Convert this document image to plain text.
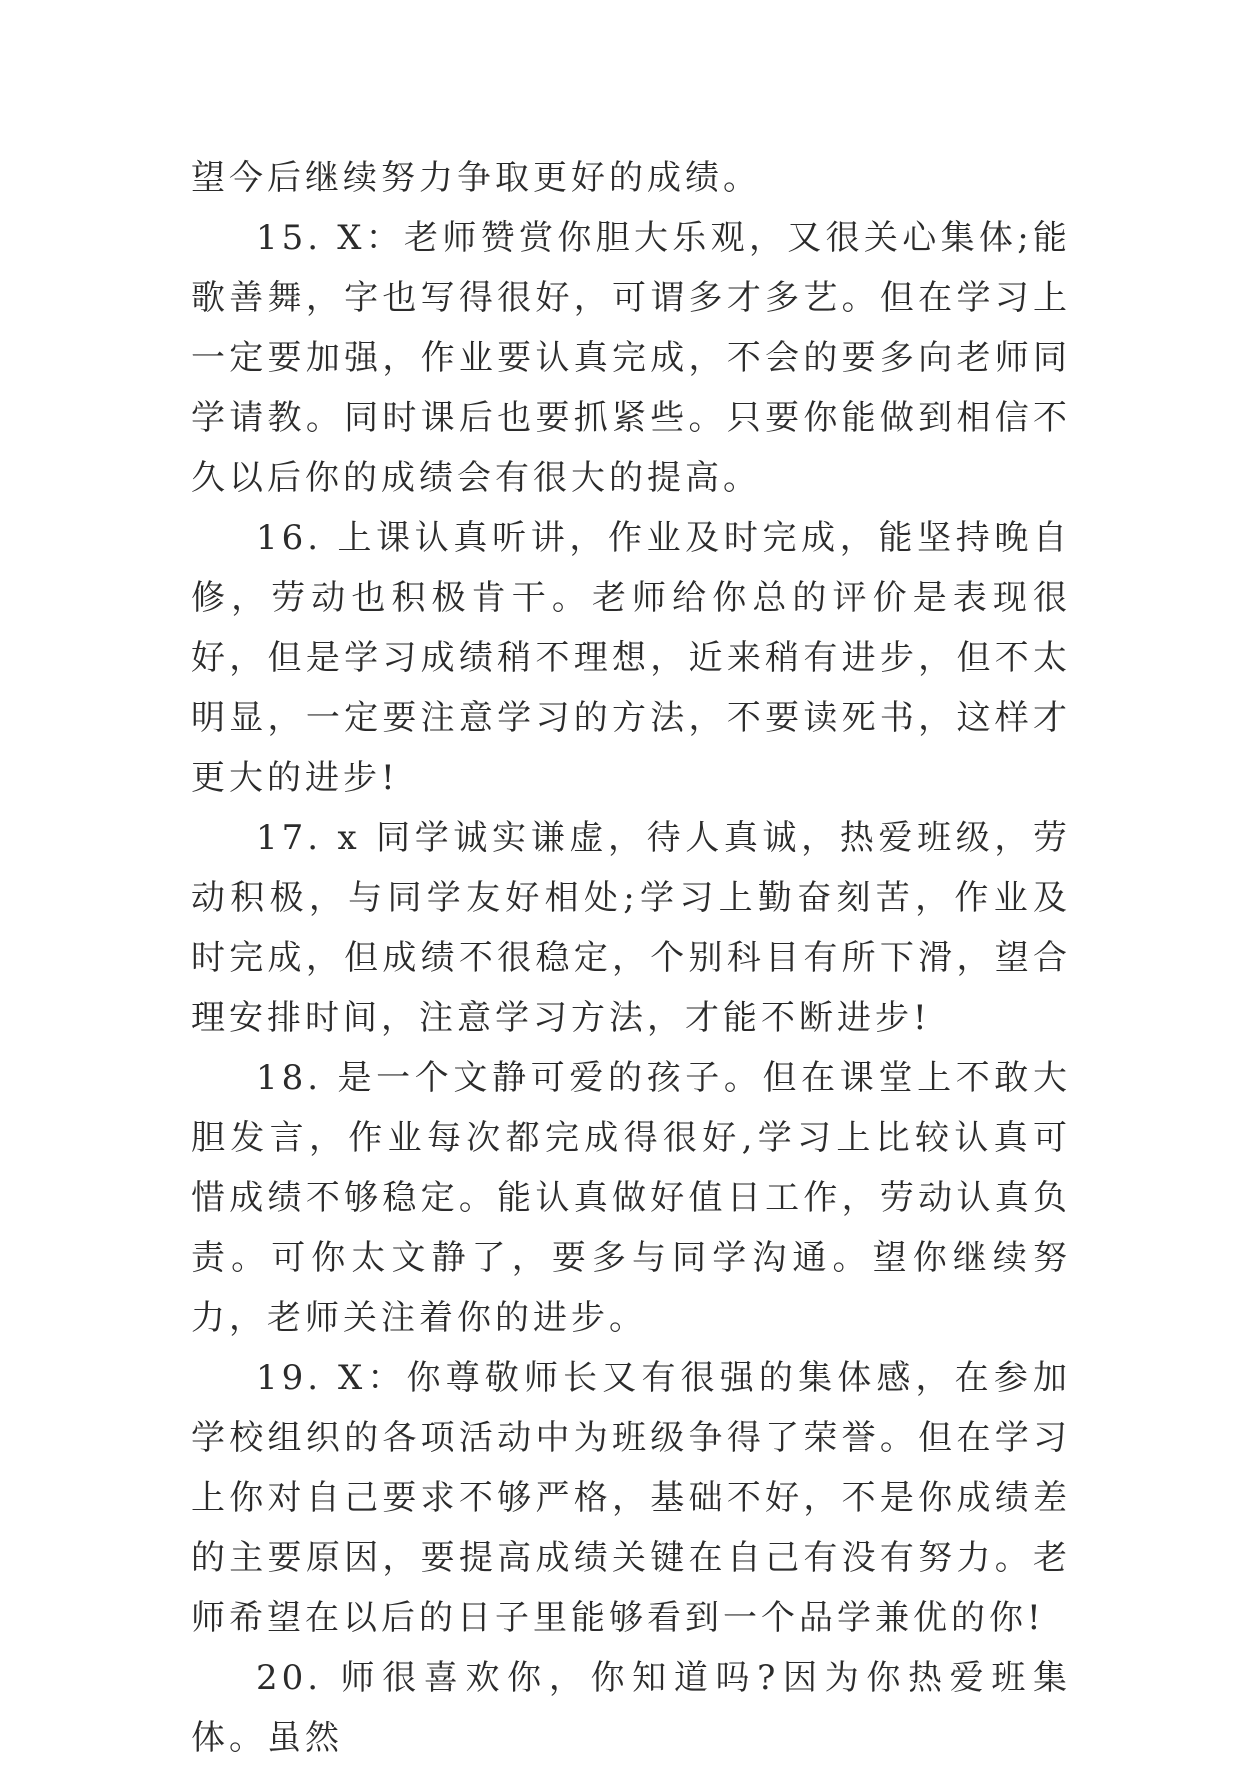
望今后继续努力争取更好的成绩。

15. X：老师赞赏你胆大乐观，又很关心集体;能歌善舞，字也写得很好，可谓多才多艺。但在学习上一定要加强，作业要认真完成，不会的要多向老师同学请教。同时课后也要抓紧些。只要你能做到相信不久以后你的成绩会有很大的提高。

16. 上课认真听讲，作业及时完成，能坚持晚自修，劳动也积极肯干。老师给你总的评价是表现很好，但是学习成绩稍不理想，近来稍有进步，但不太明显，一定要注意学习的方法，不要读死书，这样才更大的进步!

17. x 同学诚实谦虚，待人真诚，热爱班级，劳动积极，与同学友好相处;学习上勤奋刻苦，作业及时完成，但成绩不很稳定，个别科目有所下滑，望合理安排时间，注意学习方法，才能不断进步!

18. 是一个文静可爱的孩子。但在课堂上不敢大胆发言，作业每次都完成得很好,学习上比较认真可惜成绩不够稳定。能认真做好值日工作，劳动认真负责。可你太文静了，要多与同学沟通。望你继续努力，老师关注着你的进步。

19. X：你尊敬师长又有很强的集体感，在参加学校组织的各项活动中为班级争得了荣誉。但在学习上你对自己要求不够严格，基础不好，不是你成绩差的主要原因，要提高成绩关键在自己有没有努力。老师希望在以后的日子里能够看到一个品学兼优的你!

20. 师很喜欢你，你知道吗?因为你热爱班集体。虽然
